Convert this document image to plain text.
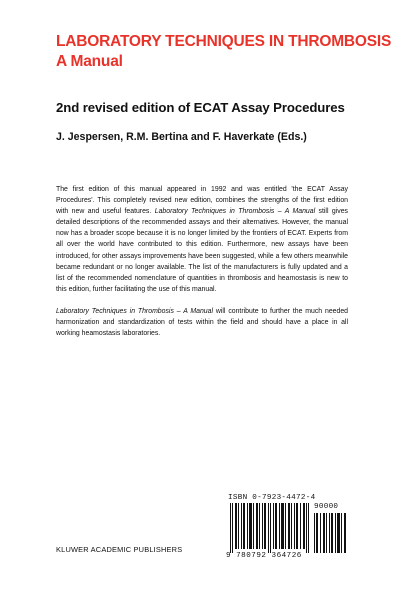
LABORATORY TECHNIQUES IN THROMBOSIS
A Manual
2nd revised edition of ECAT Assay Procedures
J. Jespersen, R.M. Bertina and F. Haverkate (Eds.)

The first edition of this manual appeared in 1992 and was entitled 'the ECAT Assay Procedures'. This completely revised new edition, combines the strengths of the first edition with new and useful features. Laboratory Techniques in Thrombosis – A Manual still gives detailed descriptions of the recommended assays and their alternatives. However, the manual now has a broader scope because it is no longer limited by the frontiers of ECAT. Experts from all over the world have contributed to this edition. Furthermore, new assays have been introduced, for other assays improvements have been suggested, while a few others meanwhile became redundant or no longer available. The list of the manufacturers is fully updated and a list of the recommended nomenclature of quantities in thrombosis and heamostasis is new to this edition, further facilitating the use of this manual.

Laboratory Techniques in Thrombosis – A Manual will contribute to further the much needed harmonization and standardization of tests within the field and should have a place in all working heamostasis laboratories.

KLUWER ACADEMIC PUBLISHERS
ISBN 0-7923-4472-4
90000
9 780792 364726
